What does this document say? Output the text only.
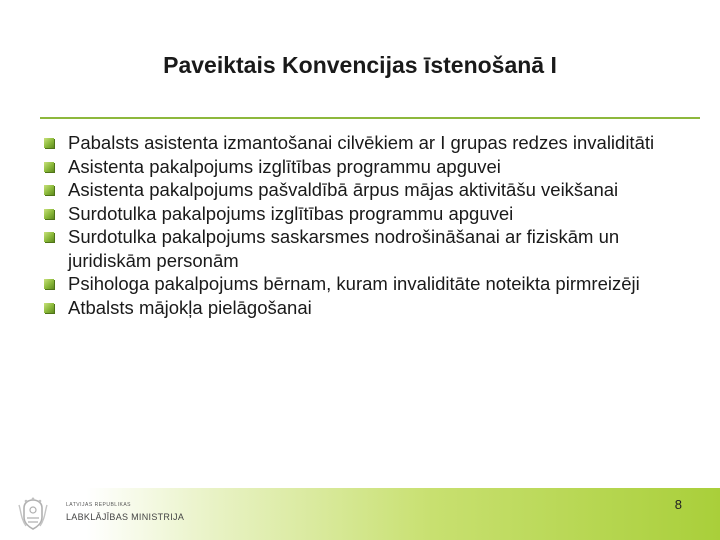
Paveiktais Konvencijas īstenošanā I
Pabalsts asistenta izmantošanai cilvēkiem ar I grupas redzes invaliditāti
Asistenta pakalpojums izglītības programmu apguvei
Asistenta pakalpojums pašvaldībā ārpus mājas aktivitāšu veikšanai
Surdotulka pakalpojums izglītības programmu apguvei
Surdotulka pakalpojums saskarsmes nodrošināšanai ar fiziskām un juridiskām personām
Psihologa pakalpojums bērnam, kuram invaliditāte noteikta pirmreizēji
Atbalsts mājokļa pielāgošanai
LATVIJAS REPUBLIKAS
LABKLĀJĪBAS MINISTRIJA
8
